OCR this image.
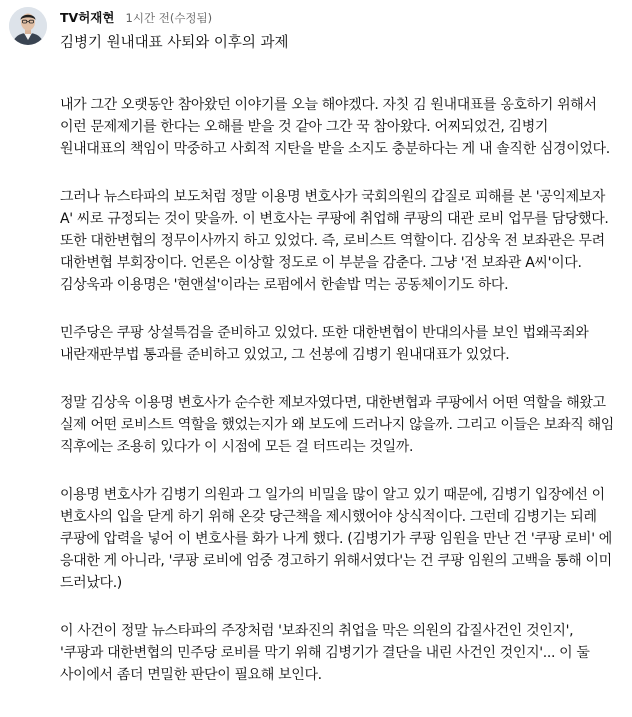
TV허재현 1시간 전(수정됨)
김병기 원내대표 사퇴와 이후의 과제

내가 그간 오랫동안 참아왔던 이야기를 오늘 해야겠다. 자칫 김 원내대표를 옹호하기 위해서 이런 문제제기를 한다는 오해를 받을 것 같아 그간 꾹 참아왔다. 어찌되었건, 김병기 원내대표의 책임이 막중하고 사회적 지탄을 받을 소지도 충분하다는 게 내 솔직한 심경이었다.

그러나 뉴스타파의 보도처럼 정말 이용명 변호사가 국회의원의 갑질로 피해를 본 '공익제보자 A' 씨로 규정되는 것이 맞을까. 이 변호사는 쿠팡에 취업해 쿠팡의 대관 로비 업무를 담당했다. 또한 대한변협의 정무이사까지 하고 있었다. 즉, 로비스트 역할이다. 김상욱 전 보좌관은 무려 대한변협 부회장이다. 언론은 이상할 정도로 이 부분을 감춘다. 그냥 '전 보좌관 A씨'이다. 김상욱과 이용명은 '현앤설'이라는 로펌에서 한솥밥 먹는 공동체이기도 하다.

민주당은 쿠팡 상설특검을 준비하고 있었다. 또한 대한변협이 반대의사를 보인 법왜곡죄와 내란재판부법 통과를 준비하고 있었고, 그 선봉에 김병기 원내대표가 있었다.

정말 김상욱 이용명 변호사가 순수한 제보자였다면, 대한변협과 쿠팡에서 어떤 역할을 해왔고 실제 어떤 로비스트 역할을 했었는지가 왜 보도에 드러나지 않을까. 그리고 이들은 보좌직 해임 직후에는 조용히 있다가 이 시점에 모든 걸 터뜨리는 것일까.

이용명 변호사가 김병기 의원과 그 일가의 비밀을 많이 알고 있기 때문에, 김병기 입장에선 이 변호사의 입을 닫게 하기 위해 온갖 당근책을 제시했어야 상식적이다. 그런데 김병기는 되레 쿠팡에 압력을 넣어 이 변호사를 화가 나게 했다. (김병기가 쿠팡 임원을 만난 건 '쿠팡 로비' 에 응대한 게 아니라, '쿠팡 로비에 엄중 경고하기 위해서였다'는 건 쿠팡 임원의 고백을 통해 이미 드러났다.)

이 사건이 정말 뉴스타파의 주장처럼 '보좌진의 취업을 막은 의원의 갑질사건인 것인지', '쿠팡과 대한변협의 민주당 로비를 막기 위해 김병기가 결단을 내린 사건인 것인지'... 이 둘 사이에서 좀더 면밀한 판단이 필요해 보인다.
